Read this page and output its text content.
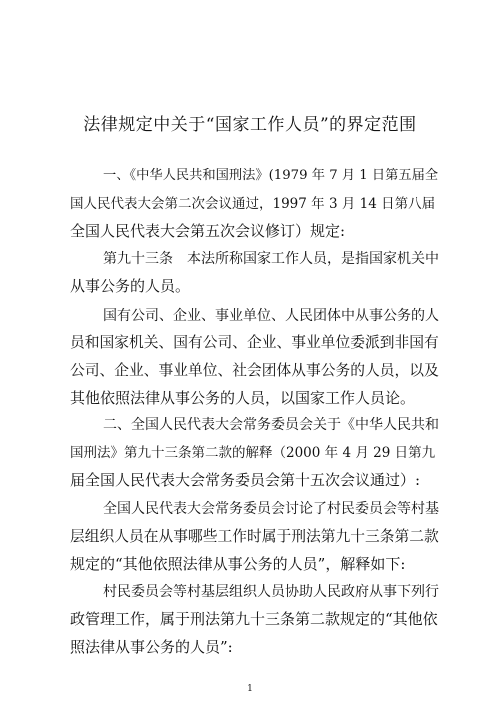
法律规定中关于“国家工作人员”的界定范围
一、《中华人民共和国刑法》(1979 年 7 月 1 日第五届全
国人民代表大会第二次会议通过，1997 年 3 月 14 日第八届
全国人民代表大会第五次会议修订）规定:
第九十三条　本法所称国家工作人员，是指国家机关中
从事公务的人员。
国有公司、企业、事业单位、人民团体中从事公务的人
员和国家机关、国有公司、企业、事业单位委派到非国有
公司、企业、事业单位、社会团体从事公务的人员，以及
其他依照法律从事公务的人员，以国家工作人员论。
二、全国人民代表大会常务委员会关于《中华人民共和
国刑法》第九十三条第二款的解释（2000 年 4 月 29 日第九
届全国人民代表大会常务委员会第十五次会议通过）:
全国人民代表大会常务委员会讨论了村民委员会等村基
层组织人员在从事哪些工作时属于刑法第九十三条第二款
规定的“其他依照法律从事公务的人员”，解释如下:
村民委员会等村基层组织人员协助人民政府从事下列行
政管理工作，属于刑法第九十三条第二款规定的“其他依
照法律从事公务的人员”:
1
